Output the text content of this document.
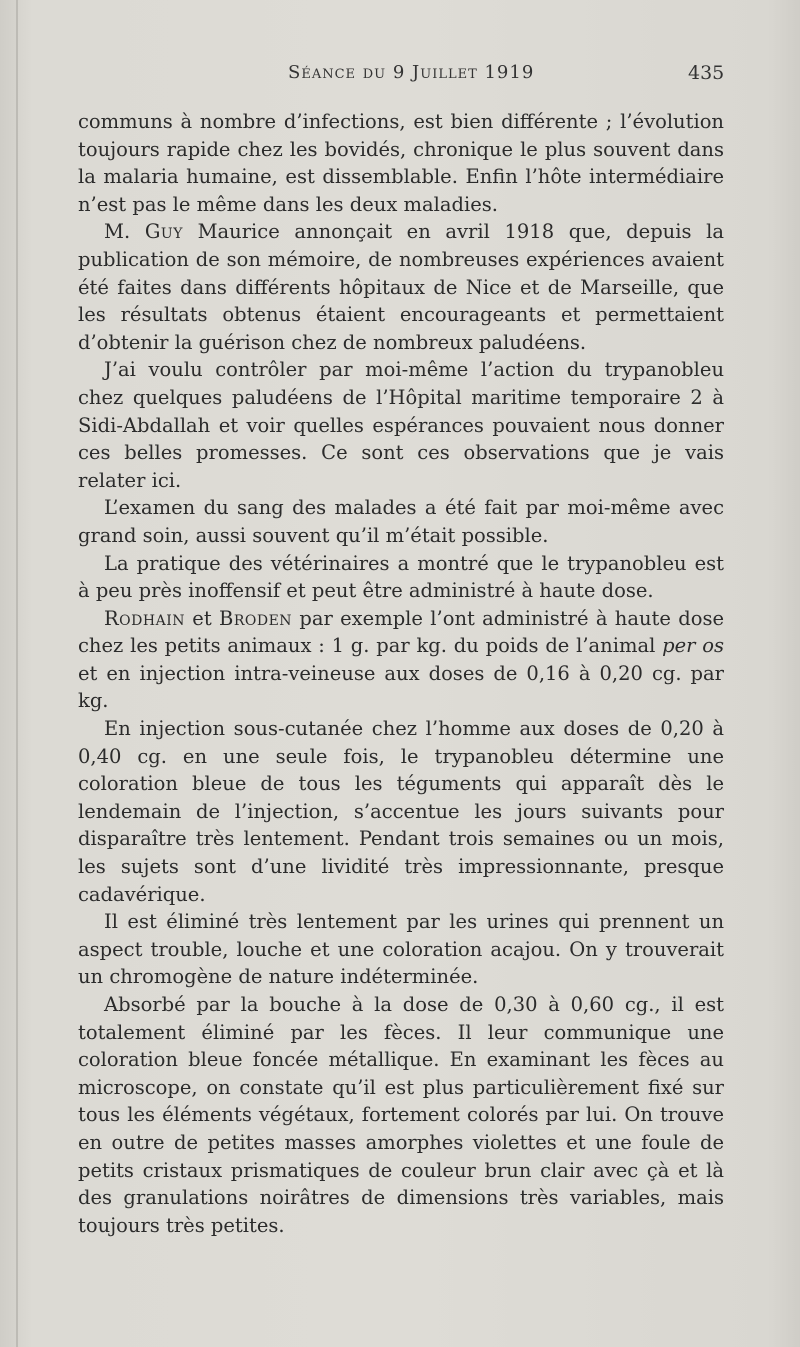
Séance du 9 Juillet 1919	435

communs à nombre d’infections, est bien différente ; l’évolution toujours rapide chez les bovidés, chronique le plus souvent dans la malaria humaine, est dissemblable. Enfin l’hôte intermédiaire n’est pas le même dans les deux maladies.

M. Guy Maurice annonçait en avril 1918 que, depuis la publication de son mémoire, de nombreuses expériences avaient été faites dans différents hôpitaux de Nice et de Marseille, que les résultats obtenus étaient encourageants et permettaient d’obtenir la guérison chez de nombreux paludéens.

J’ai voulu contrôler par moi-même l’action du trypanobleu chez quelques paludéens de l’Hôpital maritime temporaire 2 à Sidi-Abdallah et voir quelles espérances pouvaient nous donner ces belles promesses. Ce sont ces observations que je vais relater ici.

L’examen du sang des malades a été fait par moi-même avec grand soin, aussi souvent qu’il m’était possible.

La pratique des vétérinaires a montré que le trypanobleu est à peu près inoffensif et peut être administré à haute dose.

Rodhain et Broden par exemple l’ont administré à haute dose chez les petits animaux : 1 g. par kg. du poids de l’animal per os et en injection intra-veineuse aux doses de 0,16 à 0,20 cg. par kg.

En injection sous-cutanée chez l’homme aux doses de 0,20 à 0,40 cg. en une seule fois, le trypanobleu détermine une coloration bleue de tous les téguments qui apparaît dès le lendemain de l’injection, s’accentue les jours suivants pour disparaître très lentement. Pendant trois semaines ou un mois, les sujets sont d’une lividité très impressionnante, presque cadavérique.

Il est éliminé très lentement par les urines qui prennent un aspect trouble, louche et une coloration acajou. On y trouverait un chromogène de nature indéterminée.

Absorbé par la bouche à la dose de 0,30 à 0,60 cg., il est totalement éliminé par les fèces. Il leur communique une coloration bleue foncée métallique. En examinant les fèces au microscope, on constate qu’il est plus particulièrement fixé sur tous les éléments végétaux, fortement colorés par lui. On trouve en outre de petites masses amorphes violettes et une foule de petits cristaux prismatiques de couleur brun clair avec çà et là des granulations noirâtres de dimensions très variables, mais toujours très petites.
